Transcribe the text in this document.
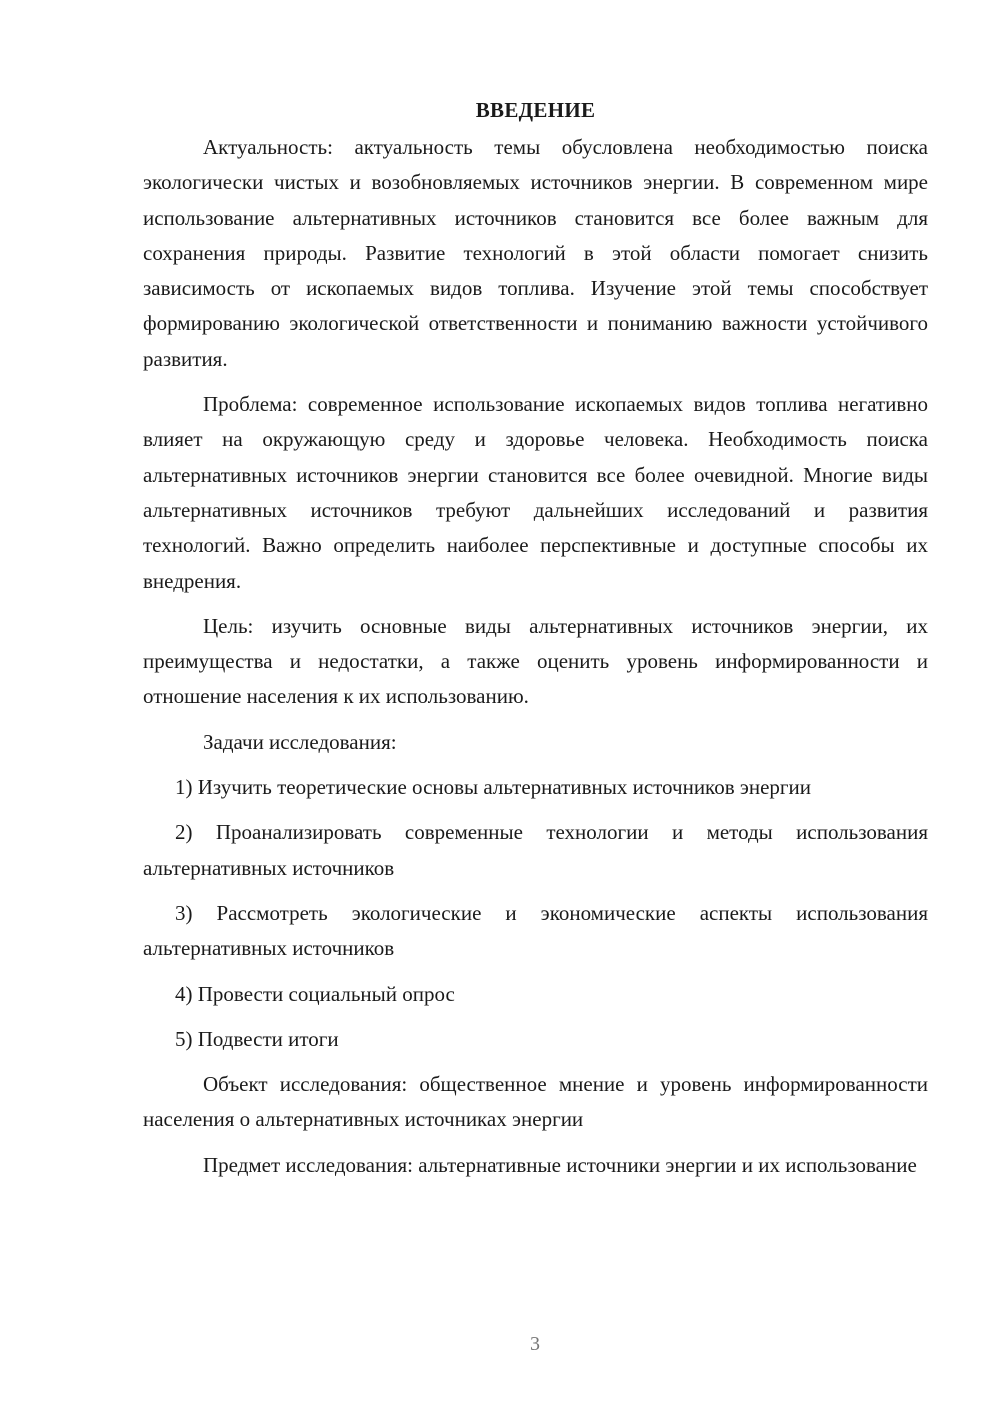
ВВЕДЕНИЕ

Актуальность: актуальность темы обусловлена необходимостью поиска экологически чистых и возобновляемых источников энергии. В современном мире использование альтернативных источников становится все более важным для сохранения природы. Развитие технологий в этой области помогает снизить зависимость от ископаемых видов топлива. Изучение этой темы способствует формированию экологической ответственности и пониманию важности устойчивого развития.

Проблема: современное использование ископаемых видов топлива негативно влияет на окружающую среду и здоровье человека. Необходимость поиска альтернативных источников энергии становится все более очевидной. Многие виды альтернативных источников требуют дальнейших исследований и развития технологий. Важно определить наиболее перспективные и доступные способы их внедрения.

Цель: изучить основные виды альтернативных источников энергии, их преимущества и недостатки, а также оценить уровень информированности и отношение населения к их использованию.

Задачи исследования:

1) Изучить теоретические основы альтернативных источников энергии

2) Проанализировать современные технологии и методы использования альтернативных источников

3) Рассмотреть экологические и экономические аспекты использования альтернативных источников

4) Провести социальный опрос

5) Подвести итоги

Объект исследования: общественное мнение и уровень информированности населения о альтернативных источниках энергии

Предмет исследования: альтернативные источники энергии и их использование

3
